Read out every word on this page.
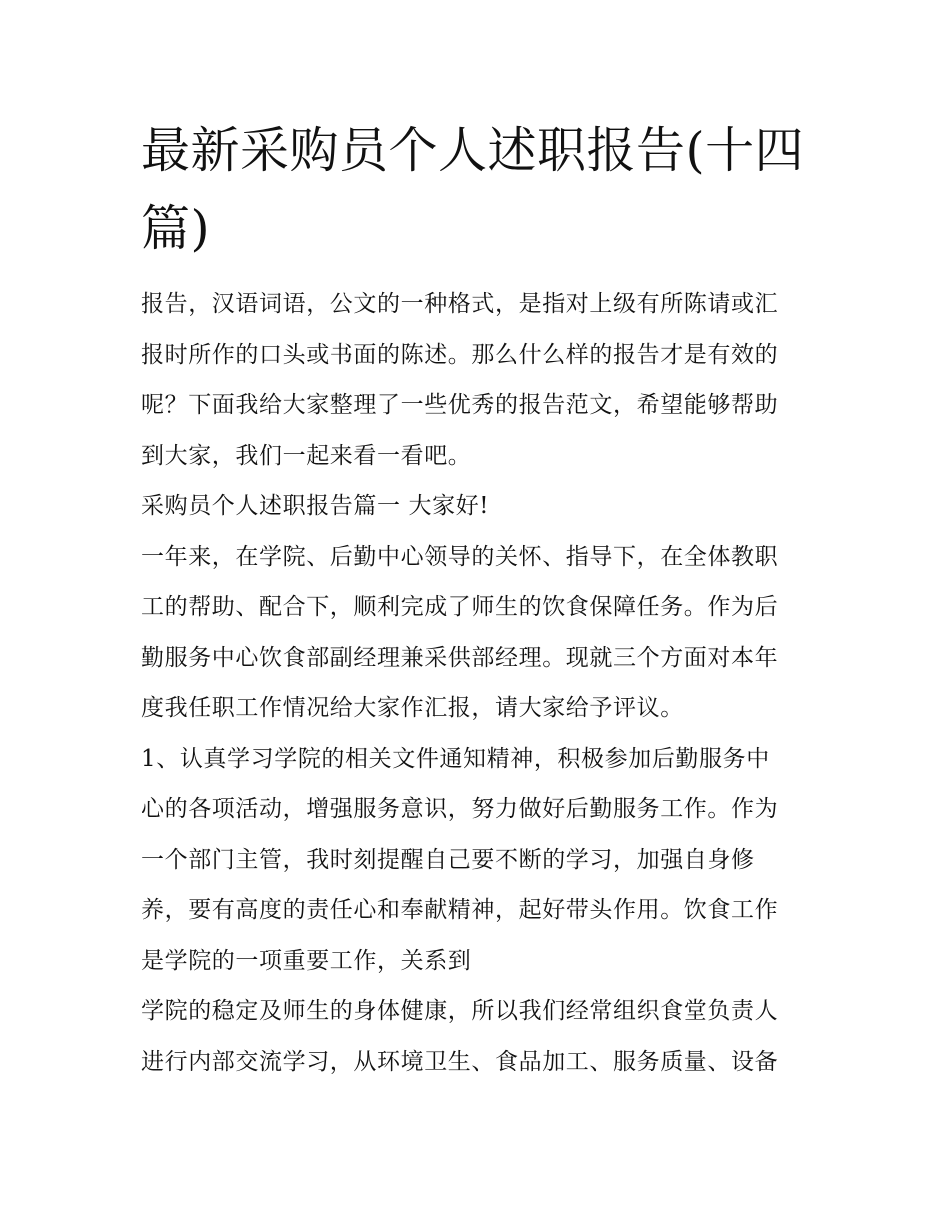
最新采购员个人述职报告(十四
篇)
报告，汉语词语，公文的一种格式，是指对上级有所陈请或汇
报时所作的口头或书面的陈述。那么什么样的报告才是有效的
呢？下面我给大家整理了一些优秀的报告范文，希望能够帮助
到大家，我们一起来看一看吧。
采购员个人述职报告篇一 大家好!
一年来，在学院、后勤中心领导的关怀、指导下，在全体教职
工的帮助、配合下，顺利完成了师生的饮食保障任务。作为后
勤服务中心饮食部副经理兼采供部经理。现就三个方面对本年
度我任职工作情况给大家作汇报，请大家给予评议。
1、认真学习学院的相关文件通知精神，积极参加后勤服务中
心的各项活动，增强服务意识，努力做好后勤服务工作。作为
一个部门主管，我时刻提醒自己要不断的学习，加强自身修
养，要有高度的责任心和奉献精神，起好带头作用。饮食工作
是学院的一项重要工作，关系到
学院的稳定及师生的身体健康，所以我们经常组织食堂负责人
进行内部交流学习，从环境卫生、食品加工、服务质量、设备
